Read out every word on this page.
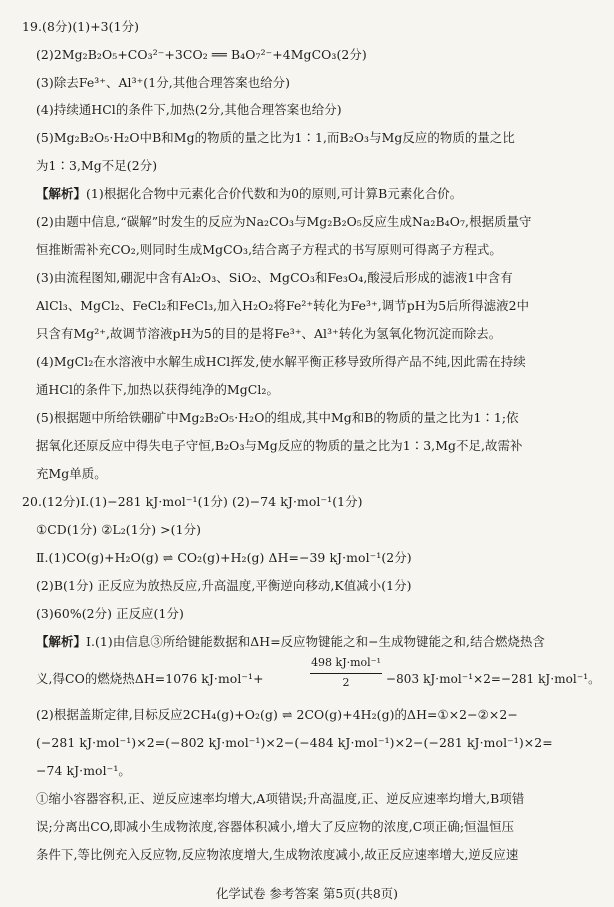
19.(8分)(1)+3(1分)
(2)2Mg₂B₂O₅+CO₃²⁻+3CO₂ ══ B₄O₇²⁻+4MgCO₃(2分)
(3)除去Fe³⁺、Al³⁺(1分,其他合理答案也给分)
(4)持续通HCl的条件下,加热(2分,其他合理答案也给分)
(5)Mg₂B₂O₅·H₂O中B和Mg的物质的量之比为1∶1,而B₂O₃与Mg反应的物质的量之比
为1∶3,Mg不足(2分)
【解析】(1)根据化合物中元素化合价代数和为0的原则,可计算B元素化合价。
(2)由题中信息,“碳解”时发生的反应为Na₂CO₃与Mg₂B₂O₅反应生成Na₂B₄O₇,根据质量守
恒推断需补充CO₂,则同时生成MgCO₃,结合离子方程式的书写原则可得离子方程式。
(3)由流程图知,硼泥中含有Al₂O₃、SiO₂、MgCO₃和Fe₃O₄,酸浸后形成的滤液1中含有
AlCl₃、MgCl₂、FeCl₂和FeCl₃,加入H₂O₂将Fe²⁺转化为Fe³⁺,调节pH为5后所得滤液2中
只含有Mg²⁺,故调节溶液pH为5的目的是将Fe³⁺、Al³⁺转化为氢氧化物沉淀而除去。
(4)MgCl₂在水溶液中水解生成HCl挥发,使水解平衡正移导致所得产品不纯,因此需在持续
通HCl的条件下,加热以获得纯净的MgCl₂。
(5)根据题中所给铁硼矿中Mg₂B₂O₅·H₂O的组成,其中Mg和B的物质的量之比为1∶1;依
据氧化还原反应中得失电子守恒,B₂O₃与Mg反应的物质的量之比为1∶3,Mg不足,故需补
充Mg单质。
20.(12分)Ⅰ.(1)−281 kJ·mol⁻¹(1分) (2)−74 kJ·mol⁻¹(1分)
①CD(1分) ②L₂(1分) >(1分)
Ⅱ.(1)CO(g)+H₂O(g) ⇌ CO₂(g)+H₂(g) ΔH=−39 kJ·mol⁻¹(2分)
(2)B(1分) 正反应为放热反应,升高温度,平衡逆向移动,K值减小(1分)
(3)60%(2分) 正反应(1分)
【解析】Ⅰ.(1)由信息③所给键能数据和ΔH=反应物键能之和−生成物键能之和,结合燃烧热含
义,得CO的燃烧热ΔH=1076 kJ·mol⁻¹+
498 kJ·mol⁻¹
2	−803 kJ·mol⁻¹×2=−281 kJ·mol⁻¹。
(2)根据盖斯定律,目标反应2CH₄(g)+O₂(g) ⇌ 2CO(g)+4H₂(g)的ΔH=①×2−②×2−
(−281 kJ·mol⁻¹)×2=(−802 kJ·mol⁻¹)×2−(−484 kJ·mol⁻¹)×2−(−281 kJ·mol⁻¹)×2=
−74 kJ·mol⁻¹。
①缩小容器容积,正、逆反应速率均增大,A项错误;升高温度,正、逆反应速率均增大,B项错
误;分离出CO,即减小生成物浓度,容器体积减小,增大了反应物的浓度,C项正确;恒温恒压
条件下,等比例充入反应物,反应物浓度增大,生成物浓度减小,故正反应速率增大,逆反应速
化学试卷 参考答案 第5页(共8页)
